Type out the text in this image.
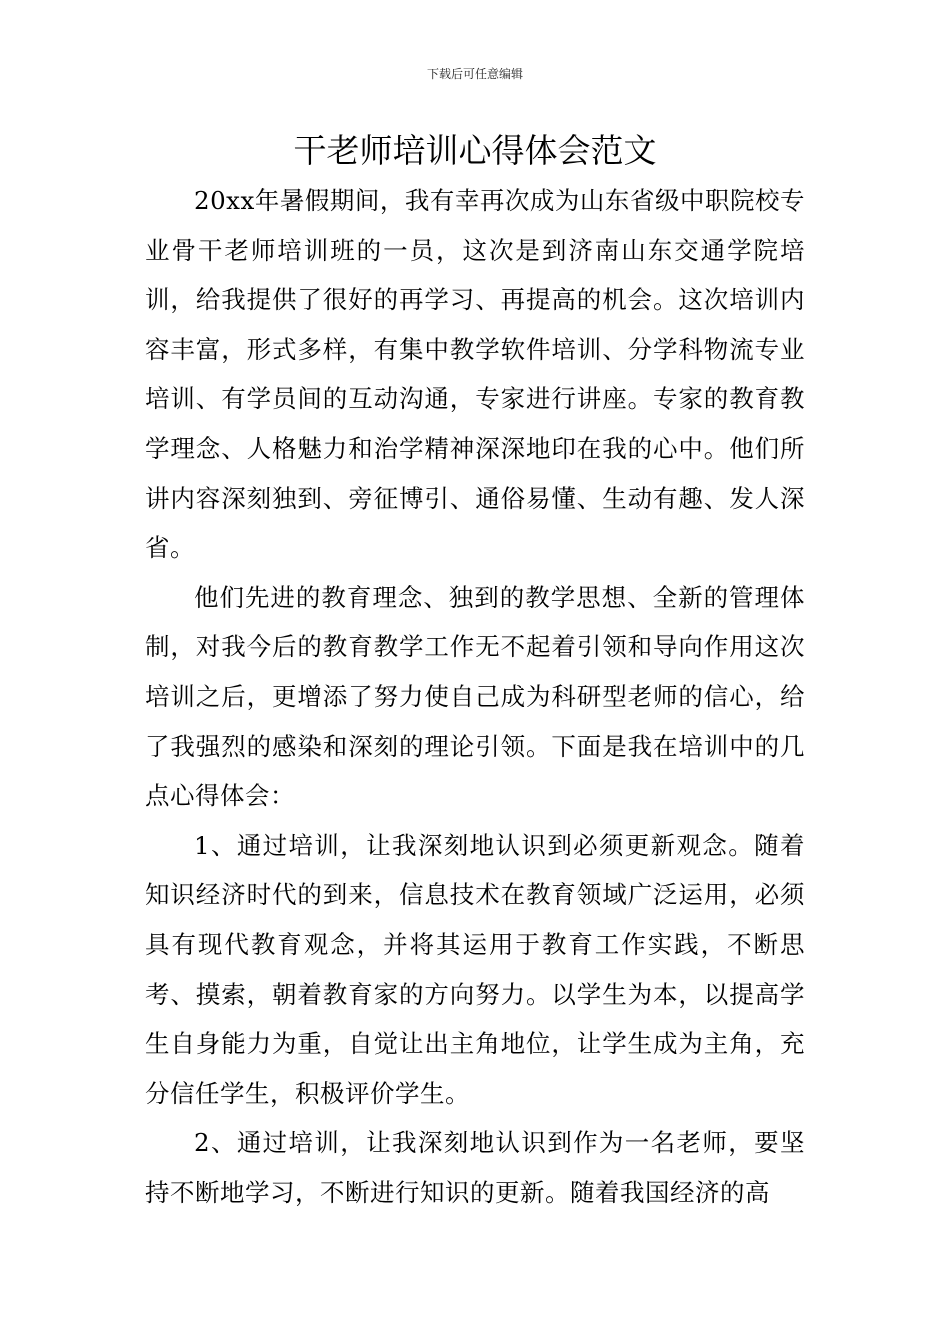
下载后可任意编辑
干老师培训心得体会范文

20xx年暑假期间，我有幸再次成为山东省级中职院校专业骨干老师培训班的一员，这次是到济南山东交通学院培训，给我提供了很好的再学习、再提高的机会。这次培训内容丰富，形式多样，有集中教学软件培训、分学科物流专业培训、有学员间的互动沟通，专家进行讲座。专家的教育教学理念、人格魅力和治学精神深深地印在我的心中。他们所讲内容深刻独到、旁征博引、通俗易懂、生动有趣、发人深省。

他们先进的教育理念、独到的教学思想、全新的管理体制，对我今后的教育教学工作无不起着引领和导向作用这次培训之后，更增添了努力使自己成为科研型老师的信心，给了我强烈的感染和深刻的理论引领。下面是我在培训中的几点心得体会：

1、通过培训，让我深刻地认识到必须更新观念。随着知识经济时代的到来，信息技术在教育领域广泛运用，必须具有现代教育观念，并将其运用于教育工作实践，不断思考、摸索，朝着教育家的方向努力。以学生为本，以提高学生自身能力为重，自觉让出主角地位，让学生成为主角，充分信任学生，积极评价学生。

2、通过培训，让我深刻地认识到作为一名老师，要坚持不断地学习，不断进行知识的更新。随着我国经济的高
